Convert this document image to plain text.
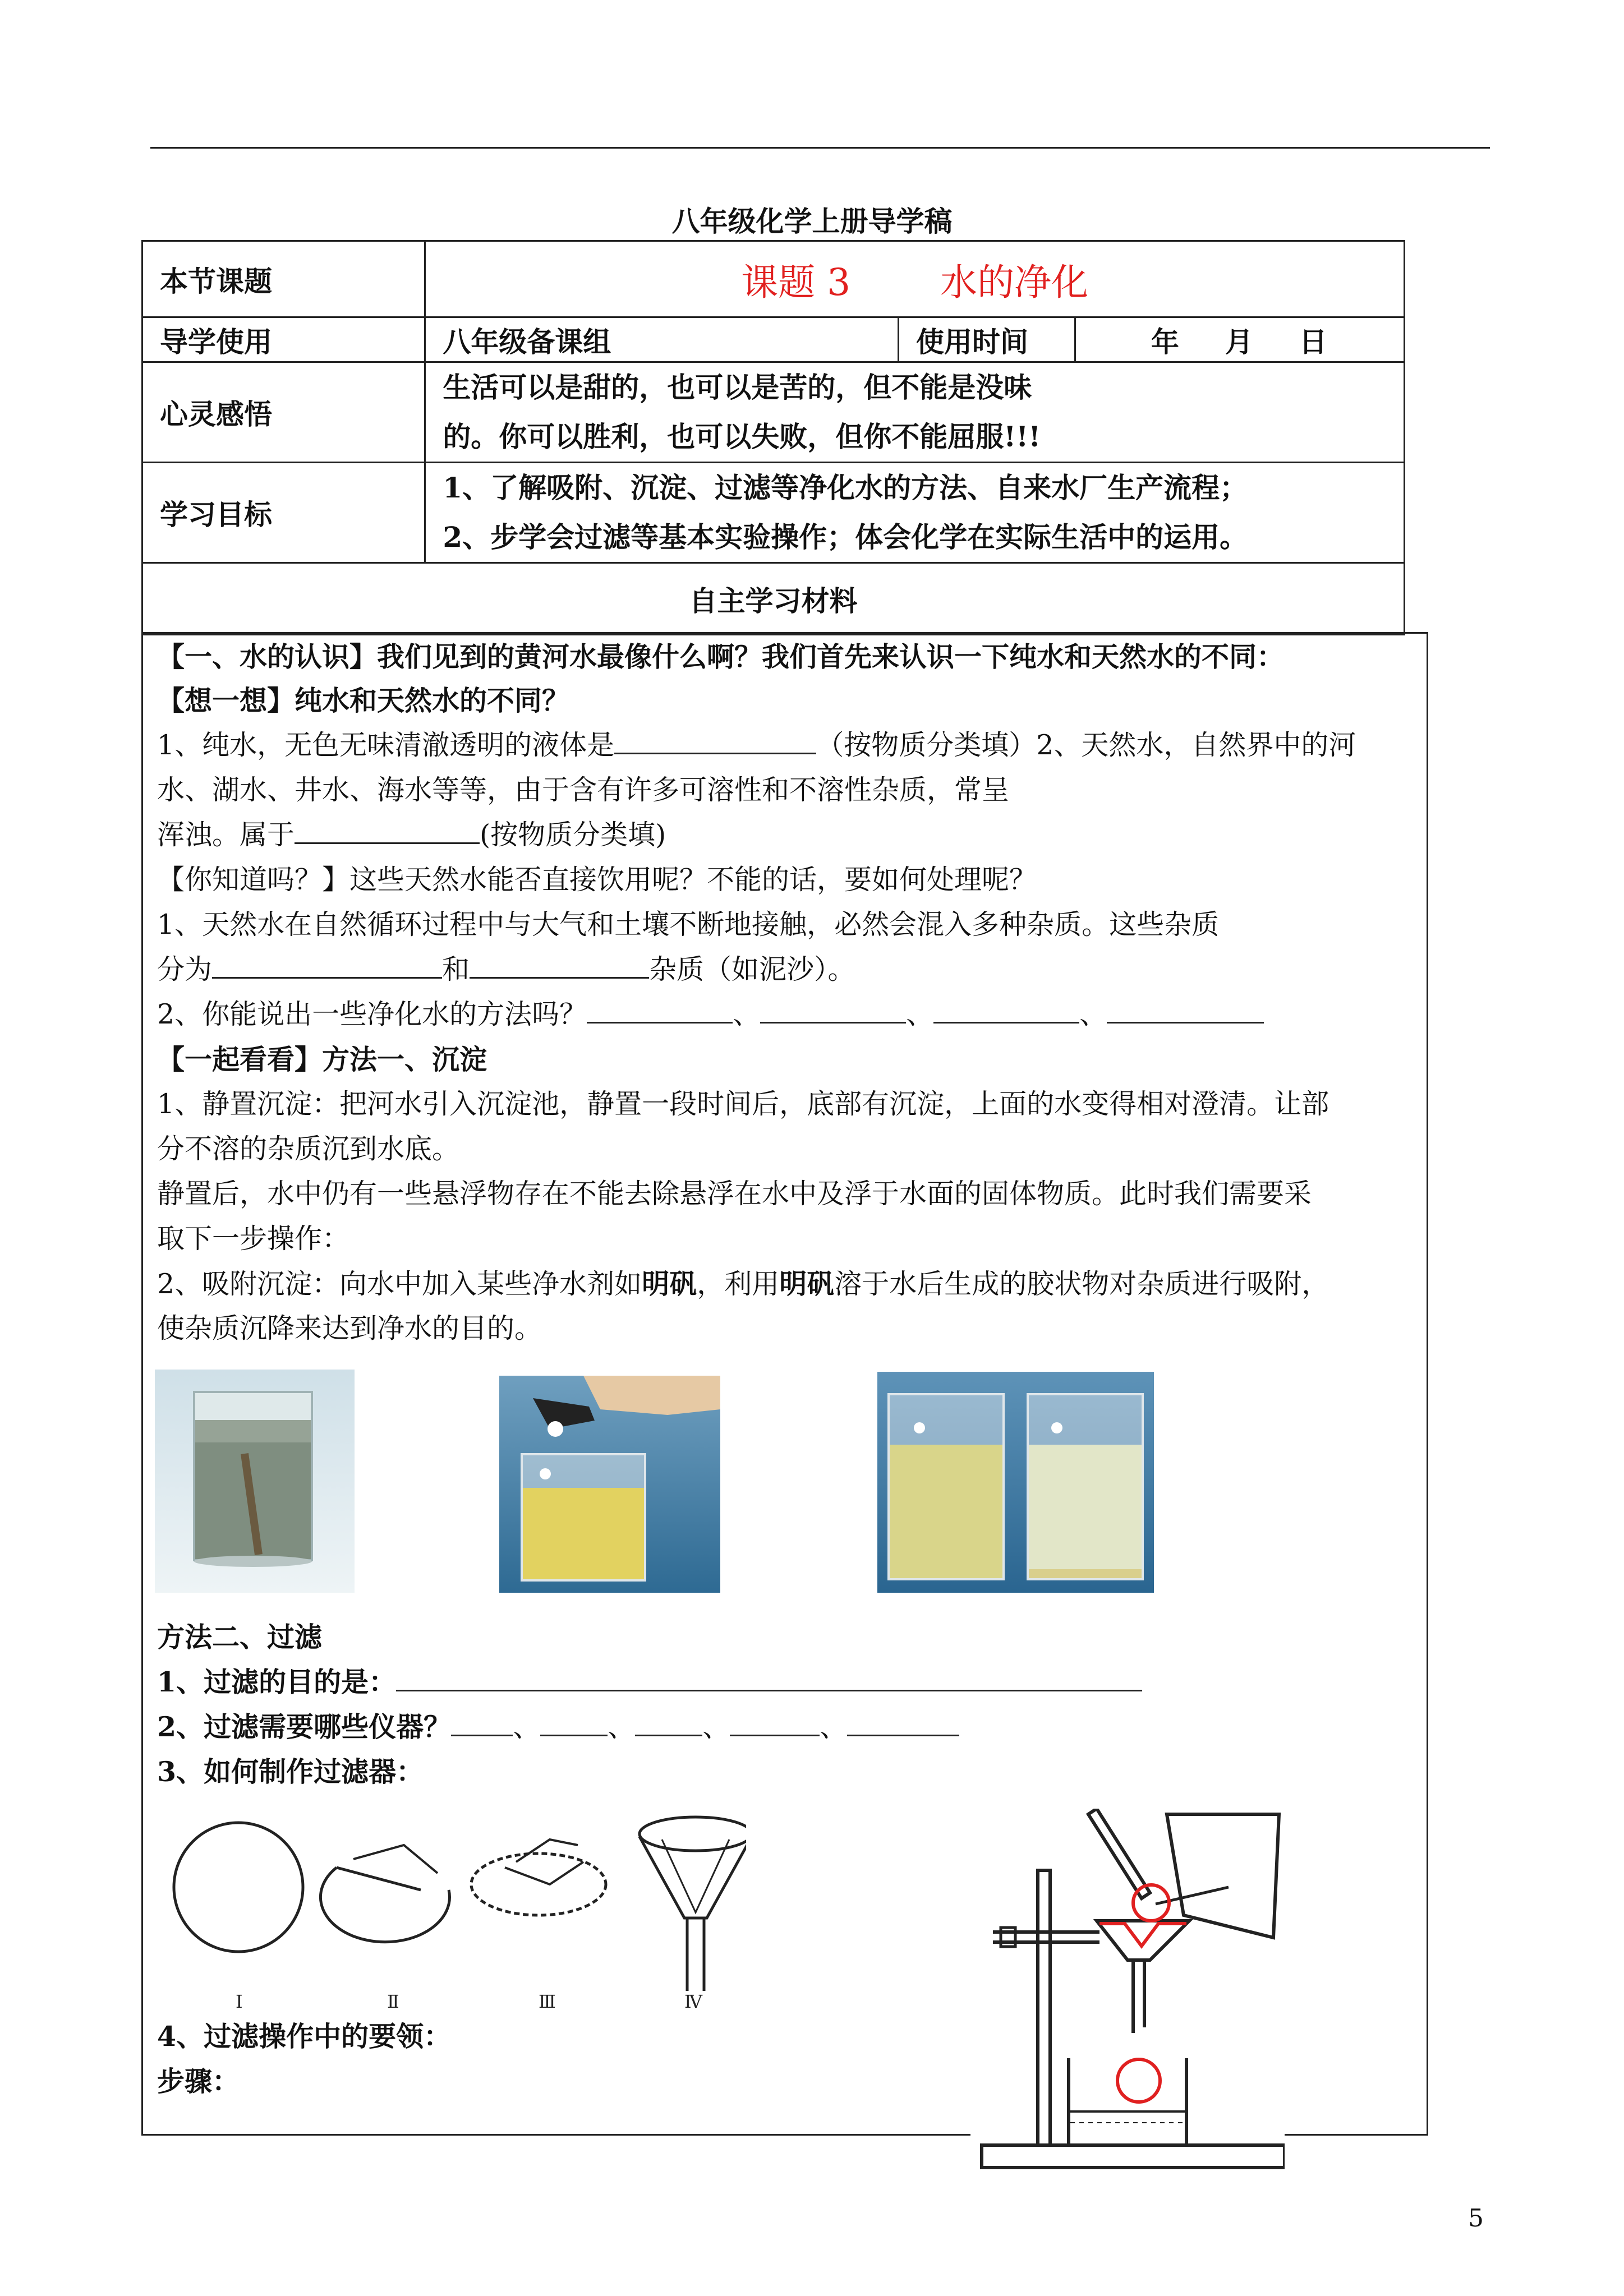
八年级化学上册导学稿
本节课题	课题 3 水的净化		
导学使用	八年级备课组	使用时间	年 月 日
心灵感悟	生活可以是甜的，也可以是苦的，但不能是没味
的。你可以胜利，也可以失败，但你不能屈服!!!		

学习目标	1、了解吸附、沉淀、过滤等净化水的方法、自来水厂生产流程；
2、步学会过滤等基本实验操作；体会化学在实际生活中的运用。		

自主学习材料			
【一、水的认识】我们见到的黄河水最像什么啊？我们首先来认识一下纯水和天然水的不同：
【想一想】纯水和天然水的不同？
1、纯水，无色无味清澈透明的液体是	（按物质分类填）2、天然水，自然界中的河
水、湖水、井水、海水等等，由于含有许多可溶性和不溶性杂质，常呈
浑浊。属于	(按物质分类填)
【你知道吗？】这些天然水能否直接饮用呢？不能的话，要如何处理呢？
1、天然水在自然循环过程中与大气和土壤不断地接触，必然会混入多种杂质。这些杂质
分为	和	杂质（如泥沙）。
2、你能说出一些净化水的方法吗？	、	、	、
【一起看看】方法一、沉淀
1、静置沉淀：把河水引入沉淀池，静置一段时间后，底部有沉淀，上面的水变得相对澄清。让部
分不溶的杂质沉到水底。
静置后，水中仍有一些悬浮物存在不能去除悬浮在水中及浮于水面的固体物质。此时我们需要采
取下一步操作：
2、吸附沉淀：向水中加入某些净水剂如明矾，利用明矾溶于水后生成的胶状物对杂质进行吸附，
使杂质沉降来达到净水的目的。
方法二、过滤
1、过滤的目的是：
2、过滤需要哪些仪器？ 、 、 、	、
3、如何制作过滤器：
Ⅰ	Ⅱ	Ⅲ	Ⅳ
4、过滤操作中的要领：
步骤：
5
